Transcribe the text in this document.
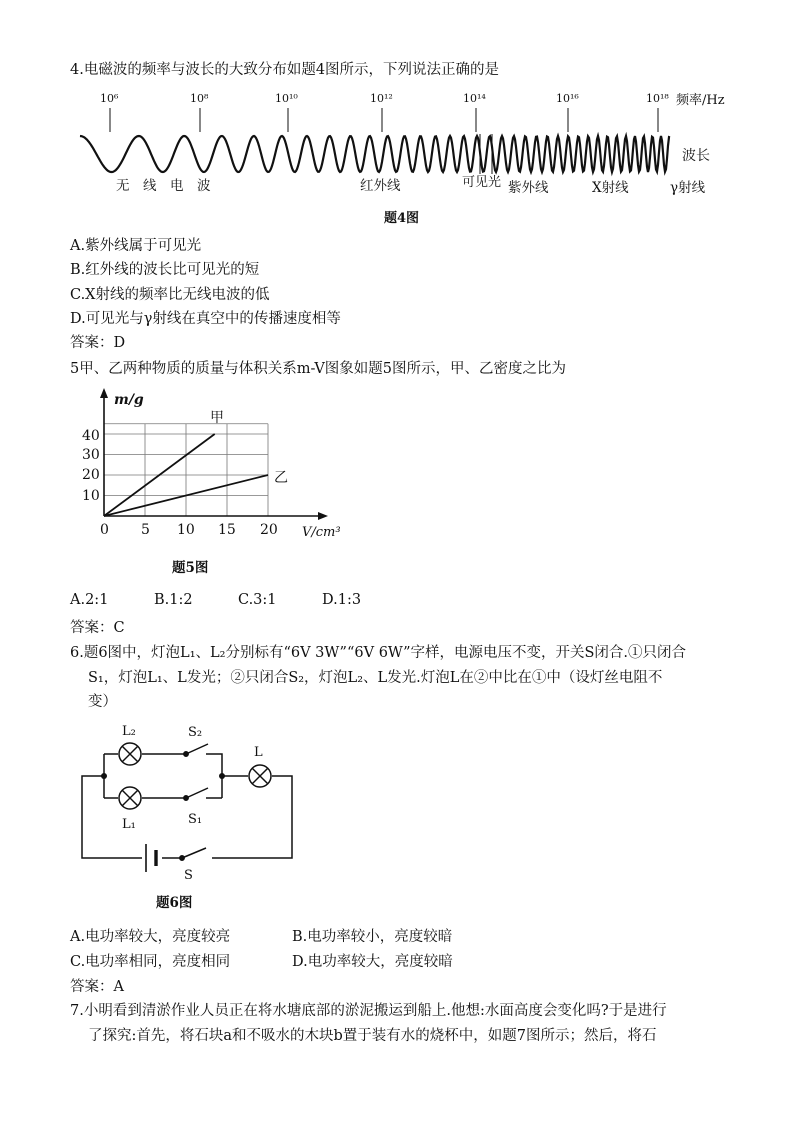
4.电磁波的频率与波长的大致分布如题4图所示，下列说法正确的是
10⁶	10⁸	10¹⁰	10¹²	10¹⁴	10¹⁶	10¹⁸ 频率/Hz
波长
无　线　电　波	红外线	可见光 紫外线	X射线	γ射线
题4图
A.紫外线属于可见光
B.红外线的波长比可见光的短
C.X射线的频率比无线电波的低
D.可见光与γ射线在真空中的传播速度相等
答案：D
5甲、乙两种物质的质量与体积关系m-V图象如题5图所示，甲、乙密度之比为
m/g
V/cm³
40
30
20
10
0 5 10 15 20
甲
乙
题5图
A.2:1	B.1:2	C.3:1	D.1:3
答案：C
6.题6图中，灯泡L₁、L₂分别标有“6V 3W”“6V 6W”字样，电源电压不变，开关S闭合.①只闭合
S₁，灯泡L₁、L发光；②只闭合S₂，灯泡L₂、L发光.灯泡L在②中比在①中（设灯丝电阻不
变）
L₂	S₂
L
L₁	S₁
S
题6图
A.电功率较大，亮度较亮	B.电功率较小，亮度较暗
C.电功率相同，亮度相同	D.电功率较大，亮度较暗
答案：A
7.小明看到清淤作业人员正在将水塘底部的淤泥搬运到船上.他想:水面高度会变化吗?于是进行
了探究:首先，将石块a和不吸水的木块b置于装有水的烧杯中，如题7图所示；然后，将石
